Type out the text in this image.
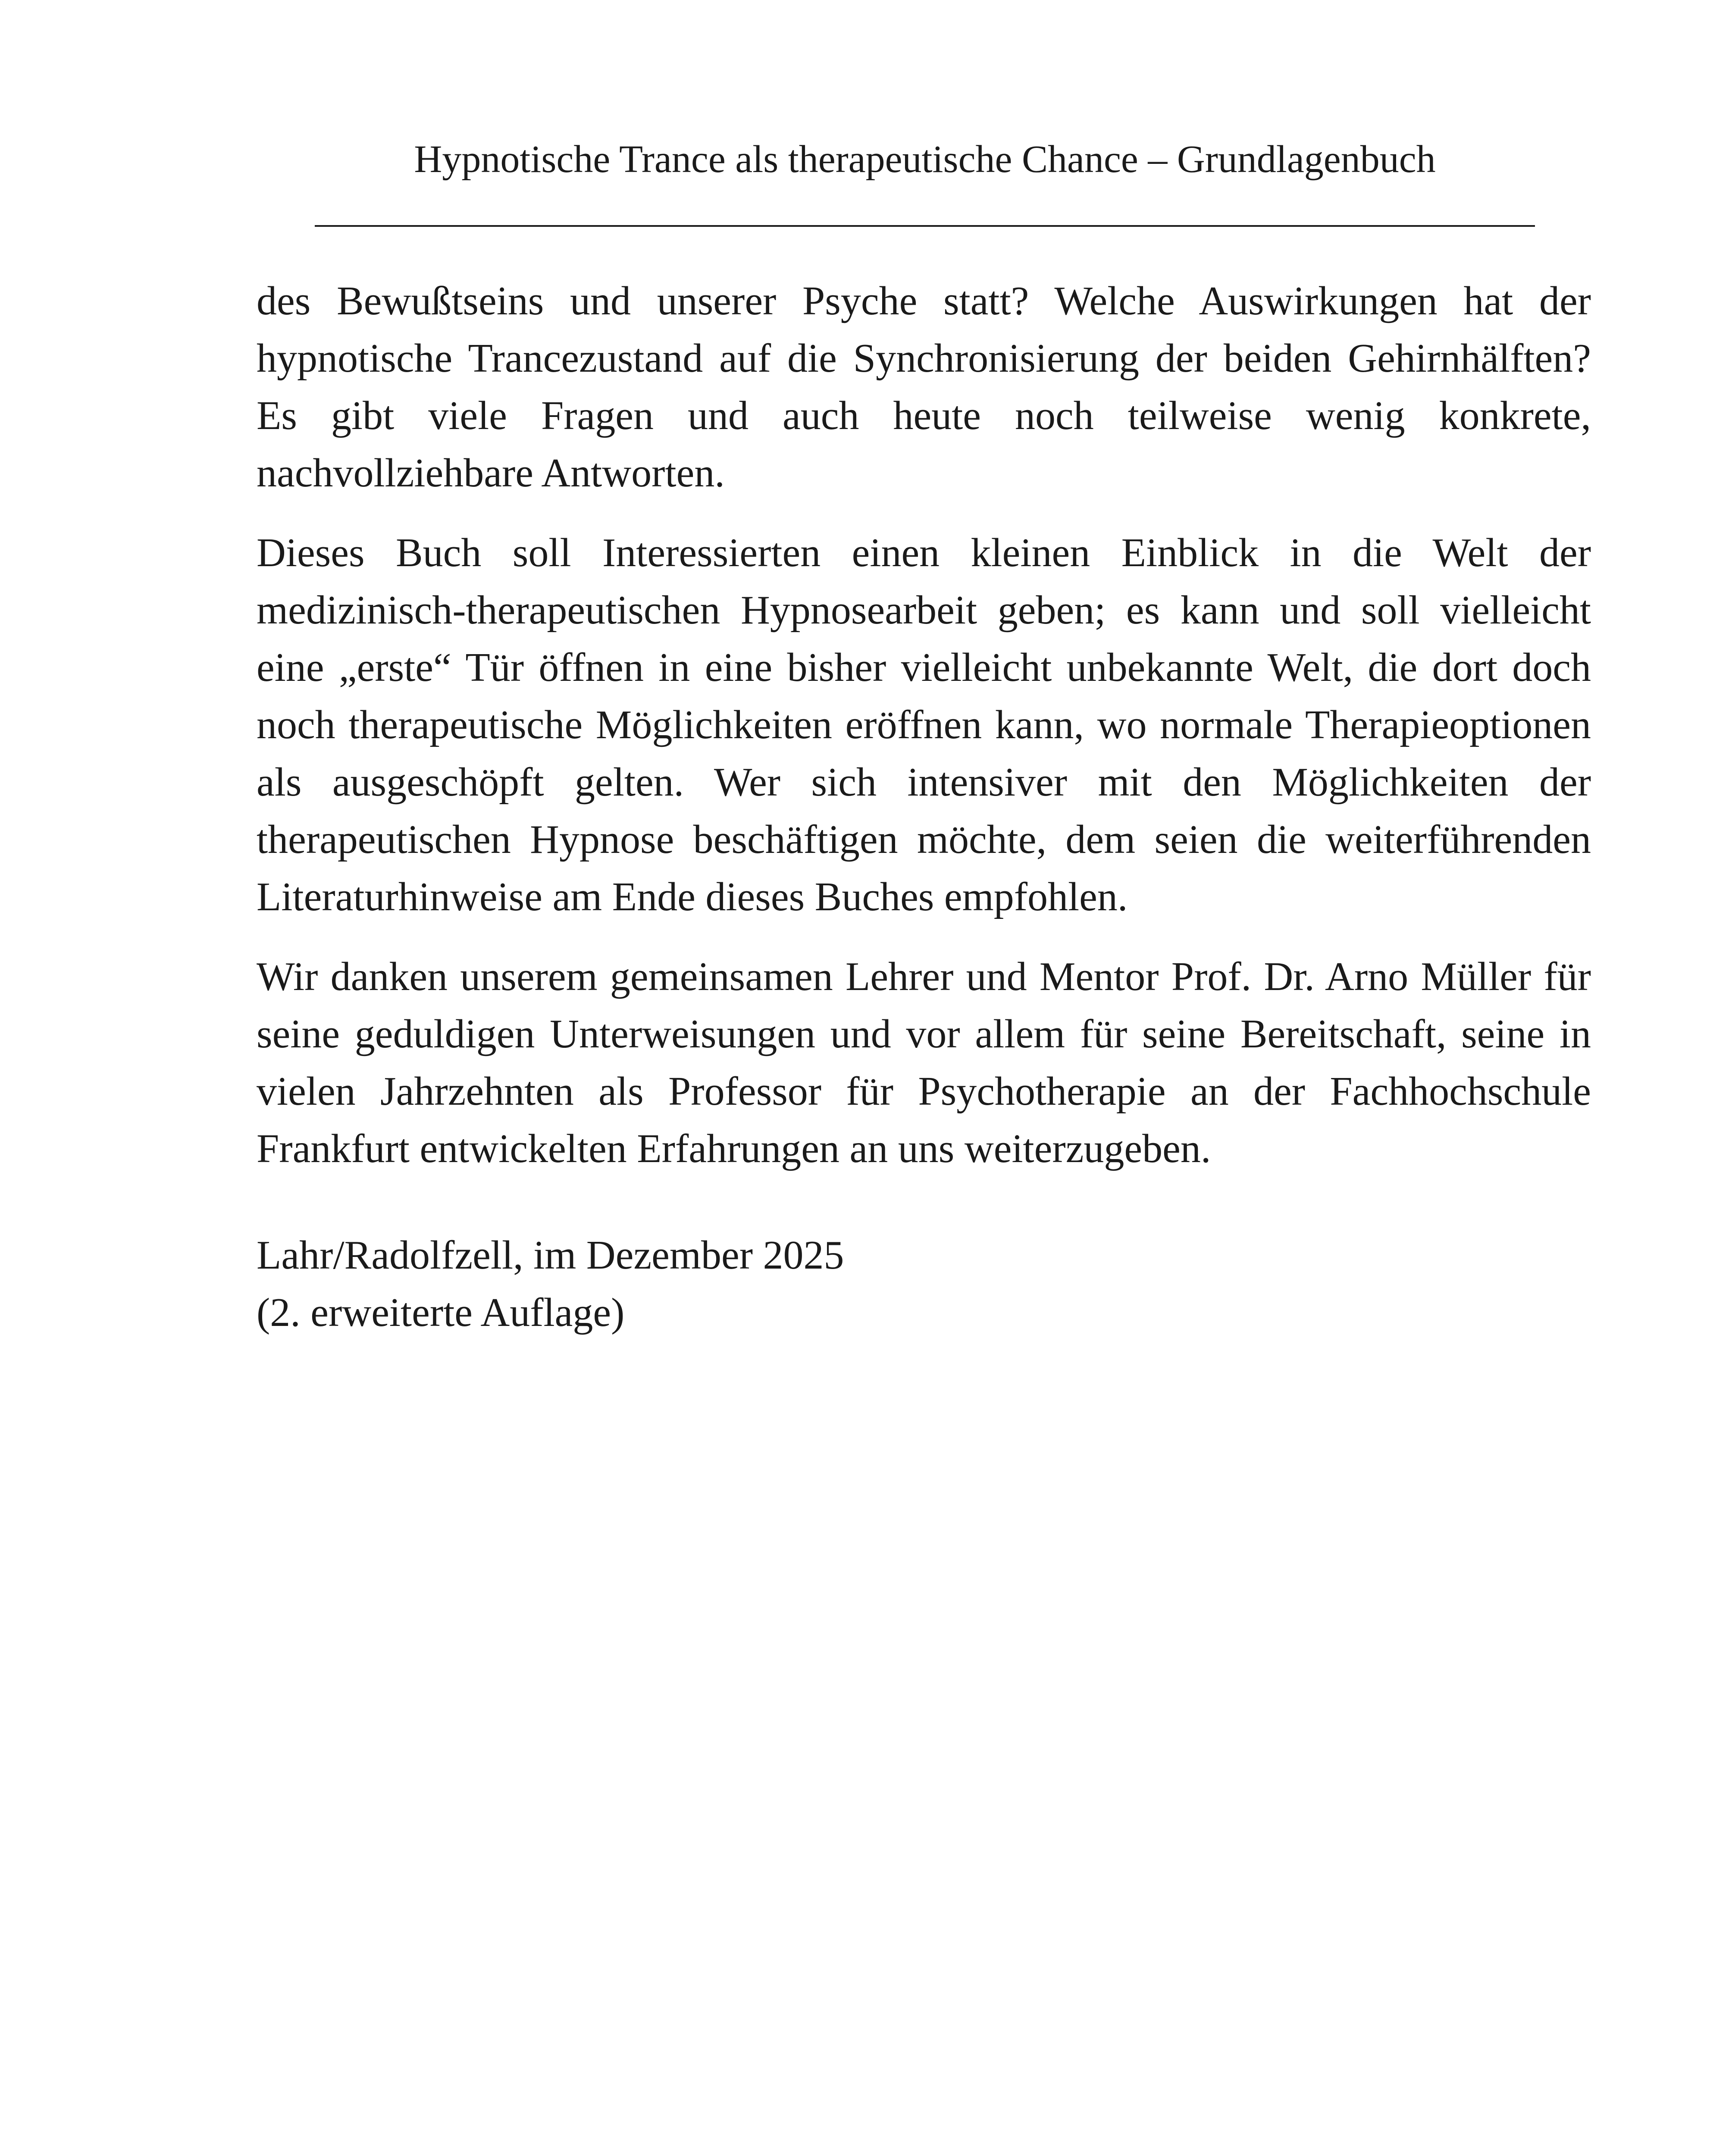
Hypnotische Trance als therapeutische Chance – Grundlagenbuch

des Bewußtseins und unserer Psyche statt? Welche Auswirkungen hat der hypnotische Trancezustand auf die Synchronisierung der beiden Gehirnhälften? Es gibt viele Fragen und auch heute noch teilweise wenig konkrete, nachvollziehbare Antworten.

Dieses Buch soll Interessierten einen kleinen Einblick in die Welt der medizinisch-therapeutischen Hypnosearbeit geben; es kann und soll vielleicht eine „erste“ Tür öffnen in eine bisher vielleicht unbekannte Welt, die dort doch noch therapeutische Möglichkeiten eröffnen kann, wo normale Therapieoptionen als ausgeschöpft gelten. Wer sich intensiver mit den Möglichkeiten der therapeutischen Hypnose beschäftigen möchte, dem seien die weiterführenden Literaturhinweise am Ende dieses Buches empfohlen.

Wir danken unserem gemeinsamen Lehrer und Mentor Prof. Dr. Arno Müller für seine geduldigen Unterweisungen und vor allem für seine Bereitschaft, seine in vielen Jahrzehnten als Professor für Psychotherapie an der Fachhochschule Frankfurt entwickelten Erfahrungen an uns weiterzugeben.

Lahr/Radolfzell, im Dezember 2025
(2. erweiterte Auflage)
